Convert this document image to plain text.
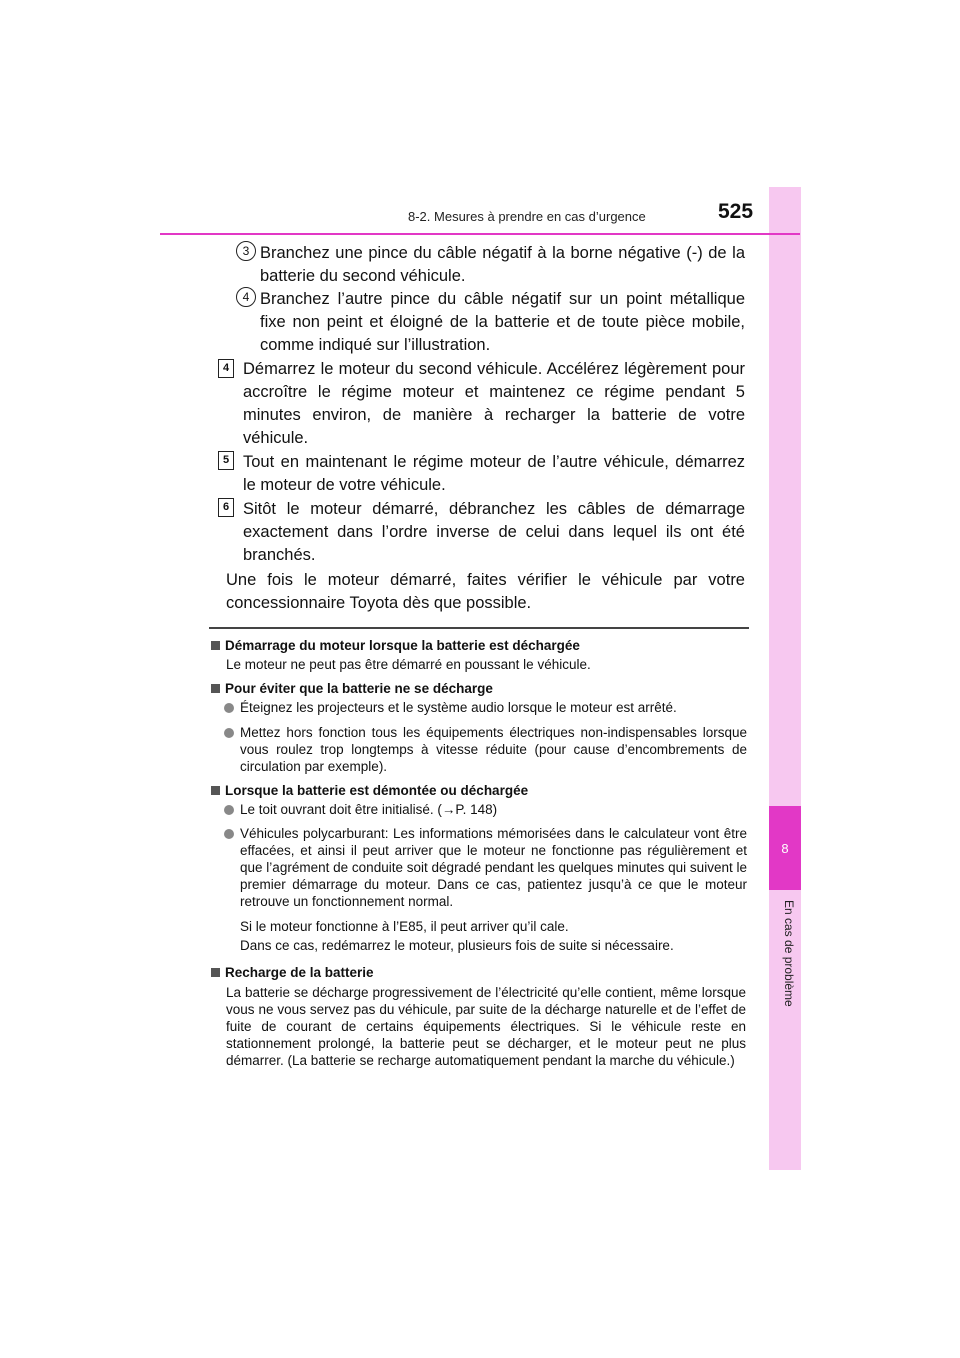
8
En cas de problème
8-2. Mesures à prendre en cas d’urgence	525
3 Branchez une pince du câble négatif à la borne négative (-) de la batterie du second véhicule.
4 Branchez l’autre pince du câble négatif sur un point métallique fixe non peint et éloigné de la batterie et de toute pièce mobile, comme indiqué sur l’illustration.
4 Démarrez le moteur du second véhicule. Accélérez légèrement pour accroître le régime moteur et maintenez ce régime pendant 5 minutes environ, de manière à recharger la batterie de votre véhicule.
5 Tout en maintenant le régime moteur de l’autre véhicule, démarrez le moteur de votre véhicule.
6 Sitôt le moteur démarré, débranchez les câbles de démarrage exactement dans l’ordre inverse de celui dans lequel ils ont été branchés.
Une fois le moteur démarré, faites vérifier le véhicule par votre concessionnaire Toyota dès que possible.
Démarrage du moteur lorsque la batterie est déchargée
Le moteur ne peut pas être démarré en poussant le véhicule.
Pour éviter que la batterie ne se décharge
Éteignez les projecteurs et le système audio lorsque le moteur est arrêté.
Mettez hors fonction tous les équipements électriques non-indispensables lorsque vous roulez trop longtemps à vitesse réduite (pour cause d’encombrements de circulation par exemple).
Lorsque la batterie est démontée ou déchargée
Le toit ouvrant doit être initialisé. (→P. 148)
Véhicules polycarburant: Les informations mémorisées dans le calculateur vont être effacées, et ainsi il peut arriver que le moteur ne fonctionne pas régulièrement et que l’agrément de conduite soit dégradé pendant les quelques minutes qui suivent le premier démarrage du moteur. Dans ce cas, patientez jusqu’à ce que le moteur retrouve un fonctionnement normal.
Si le moteur fonctionne à l’E85, il peut arriver qu’il cale.
Dans ce cas, redémarrez le moteur, plusieurs fois de suite si nécessaire.
Recharge de la batterie
La batterie se décharge progressivement de l’électricité qu’elle contient, même lorsque vous ne vous servez pas du véhicule, par suite de la décharge naturelle et de l’effet de fuite de courant de certains équipements électriques. Si le véhicule reste en stationnement prolongé, la batterie peut se décharger, et le moteur peut ne plus démarrer. (La batterie se recharge automatiquement pendant la marche du véhicule.)
